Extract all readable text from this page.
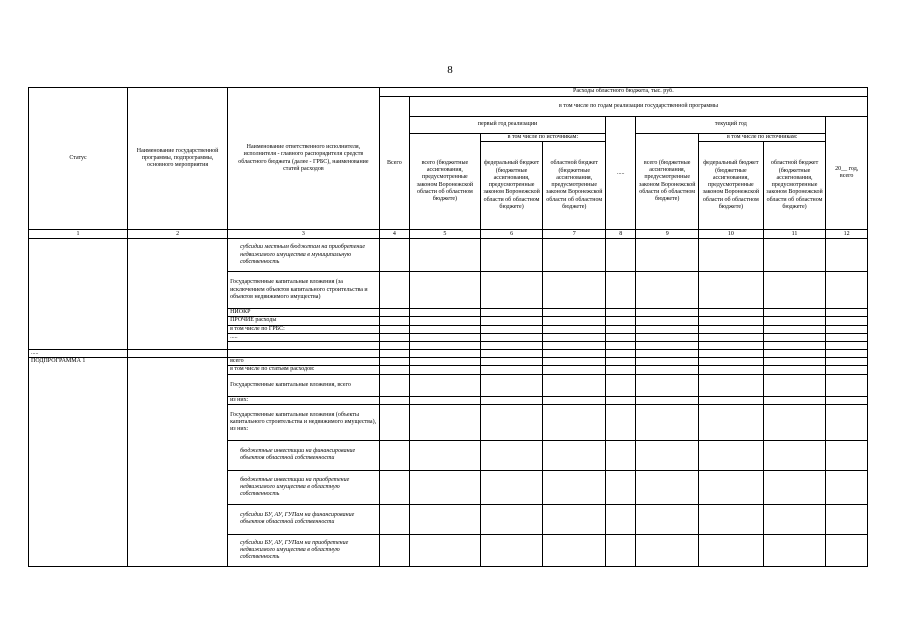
8
Статус	Наименование государственной программы, подпрограммы, основного мероприятия	Наименование ответственного исполнителя, исполнителя - главного распорядителя средств областного бюджета (далее - ГРБС), наименование статей расходов	Расходы областного бюджета, тыс. руб.								
			Всего	в том числе по годам реализации государственной программы							
				первый год реализации			.....	текущий год			20__ год, всего
				всего (бюджетные ассигнования, предусмотренные законом Воронежской области об областном бюджете)	в том числе по источникам:			всего (бюджетные ассигнования, предусмотренные законом Воронежской области об областном бюджете)	в том числе по источникам:		
					федеральный бюджет (бюджетные ассигнования, предусмотренные законом Воронежской области об областном бюджете)	областной бюджет (бюджетные ассигнования, предусмотренные законом Воронежской области об областном бюджете)			федеральный бюджет (бюджетные ассигнования, предусмотренные законом Воронежской области об областном бюджете)	областной бюджет (бюджетные ассигнования, предусмотренные законом Воронежской области об областном бюджете)	
1	2	3	4	5	6	7	8	9	10	11	12
		субсидии местным бюджетам на приобретение недвижимого имущества в муниципальную собственность									
		Государственные капитальные вложения (за исключением объектов капитального строительства и объектов недвижимого имущества)									
		НИОКР									
		ПРОЧИЕ расходы									
		в том числе по ГРБС:									
		.....									

.....											
ПОДПРОГРАММА 1		всего									
		в том числе по статьям расходов:									
		Государственные капитальные вложения, всего									
		из них:									
		Государственные капитальные вложения (объекты капитального строительства и недвижимого имущества), из них:									
		бюджетные инвестиции на финансирование объектов областной собственности									
		бюджетные инвестиции на приобретение недвижимого имущества в областную собственность									
		субсидии БУ, АУ, ГУПам на финансирование объектов областной собственности									
		субсидии БУ, АУ, ГУПам на приобретение недвижимого имущества в областную собственность									
